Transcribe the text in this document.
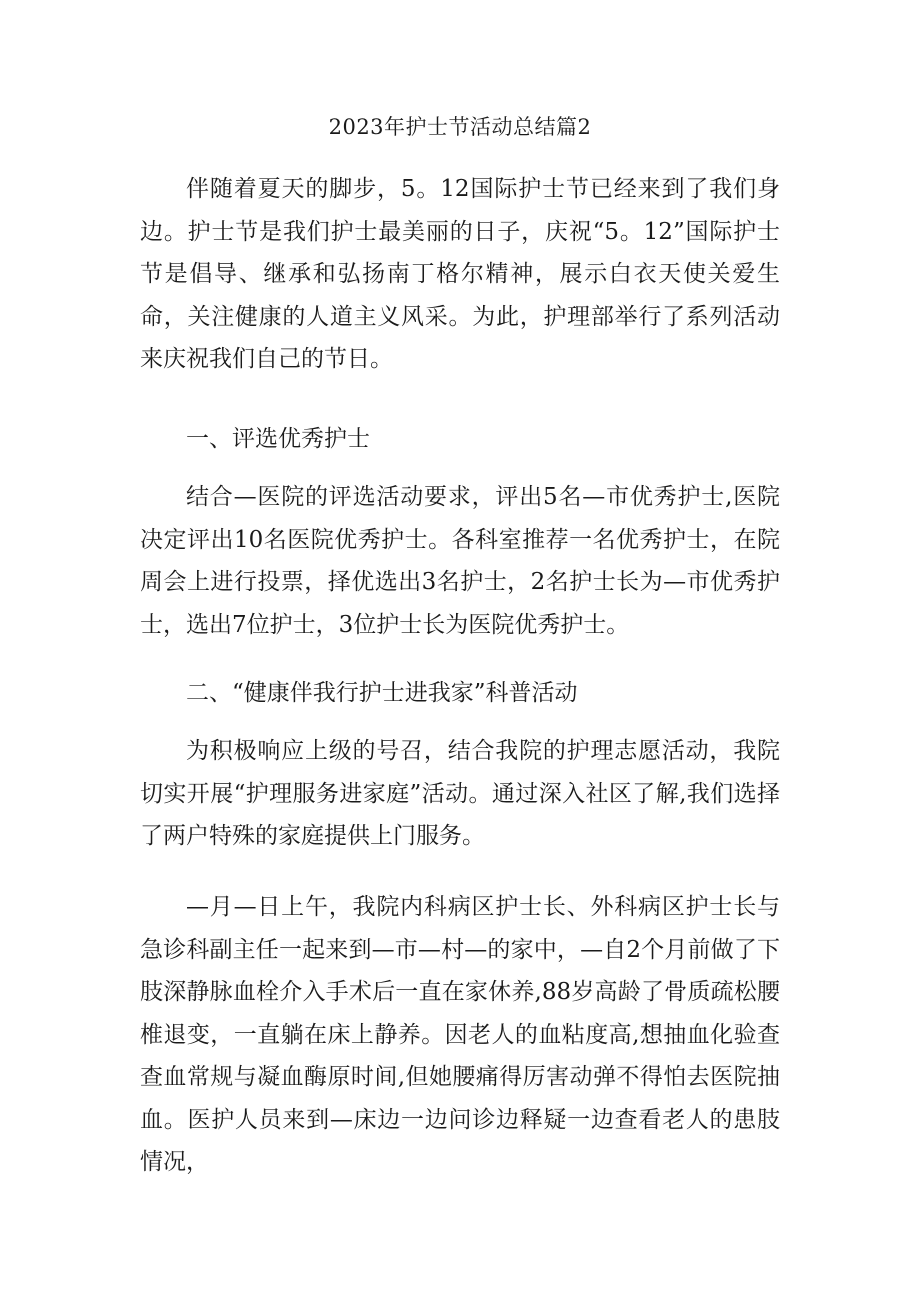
2023年护士节活动总结篇2

伴随着夏天的脚步，5。12国际护士节已经来到了我们身边。护士节是我们护士最美丽的日子，庆祝“5。12”国际护士节是倡导、继承和弘扬南丁格尔精神，展示白衣天使关爱生命，关注健康的人道主义风采。为此，护理部举行了系列活动来庆祝我们自己的节日。

一、评选优秀护士

结合—医院的评选活动要求，评出5名—市优秀护士,医院决定评出10名医院优秀护士。各科室推荐一名优秀护士，在院周会上进行投票，择优选出3名护士，2名护士长为—市优秀护士，选出7位护士，3位护士长为医院优秀护士。

二、“健康伴我行护士进我家”科普活动

为积极响应上级的号召，结合我院的护理志愿活动，我院切实开展“护理服务进家庭”活动。通过深入社区了解,我们选择了两户特殊的家庭提供上门服务。

—月—日上午，我院内科病区护士长、外科病区护士长与急诊科副主任一起来到—市—村—的家中，—自2个月前做了下肢深静脉血栓介入手术后一直在家休养,88岁高龄了骨质疏松腰椎退变，一直躺在床上静养。因老人的血粘度高,想抽血化验查查血常规与凝血酶原时间,但她腰痛得厉害动弹不得怕去医院抽血。医护人员来到—床边一边问诊边释疑一边查看老人的患肢情况，
